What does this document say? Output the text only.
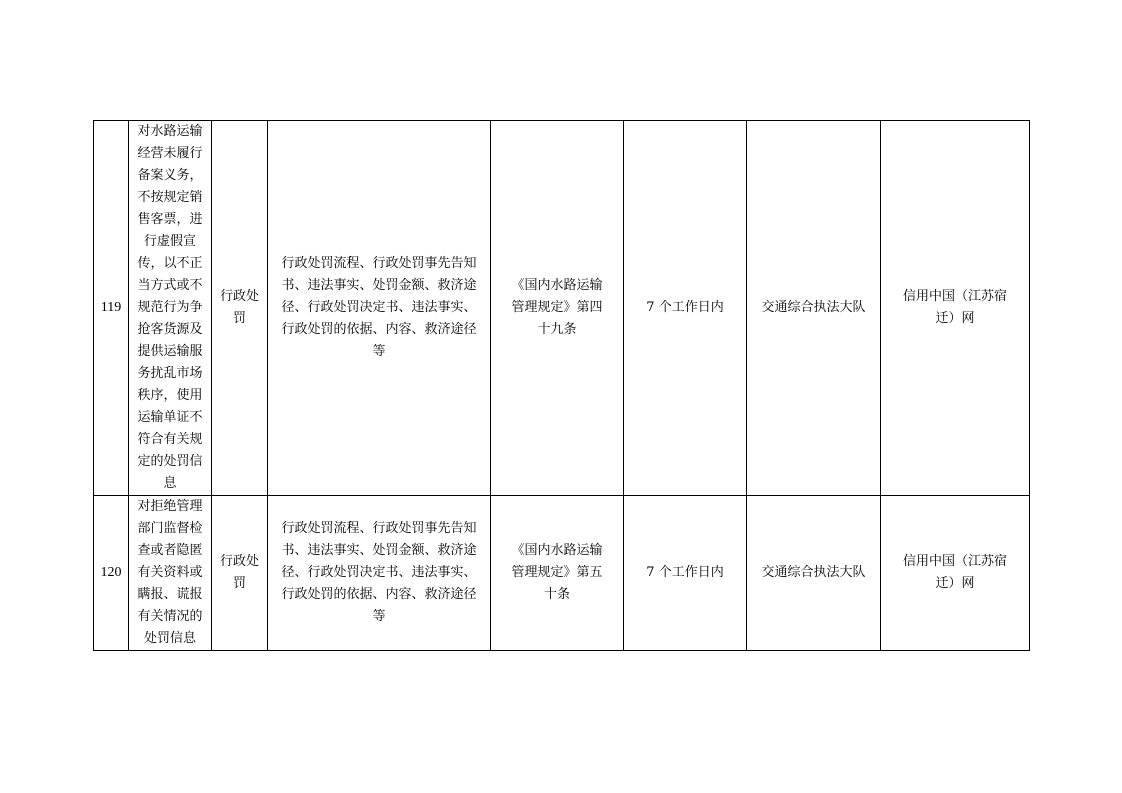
119	对水路运输经营未履行备案义务，不按规定销售客票，进行虚假宣传，以不正当方式或不规范行为争抢客货源及提供运输服务扰乱市场秩序，使用运输单证不符合有关规定的处罚信息	行政处罚	行政处罚流程、行政处罚事先告知书、违法事实、处罚金额、救济途径、行政处罚决定书、违法事实、行政处罚的依据、内容、救济途径等	《国内水路运输管理规定》第四十九条	7 个工作日内	交通综合执法大队	信用中国（江苏宿迁）网

120	对拒绝管理部门监督检查或者隐匿有关资料或瞒报、谎报有关情况的处罚信息	行政处罚	行政处罚流程、行政处罚事先告知书、违法事实、处罚金额、救济途径、行政处罚决定书、违法事实、行政处罚的依据、内容、救济途径等	《国内水路运输管理规定》第五十条	7 个工作日内	交通综合执法大队	信用中国（江苏宿迁）网
